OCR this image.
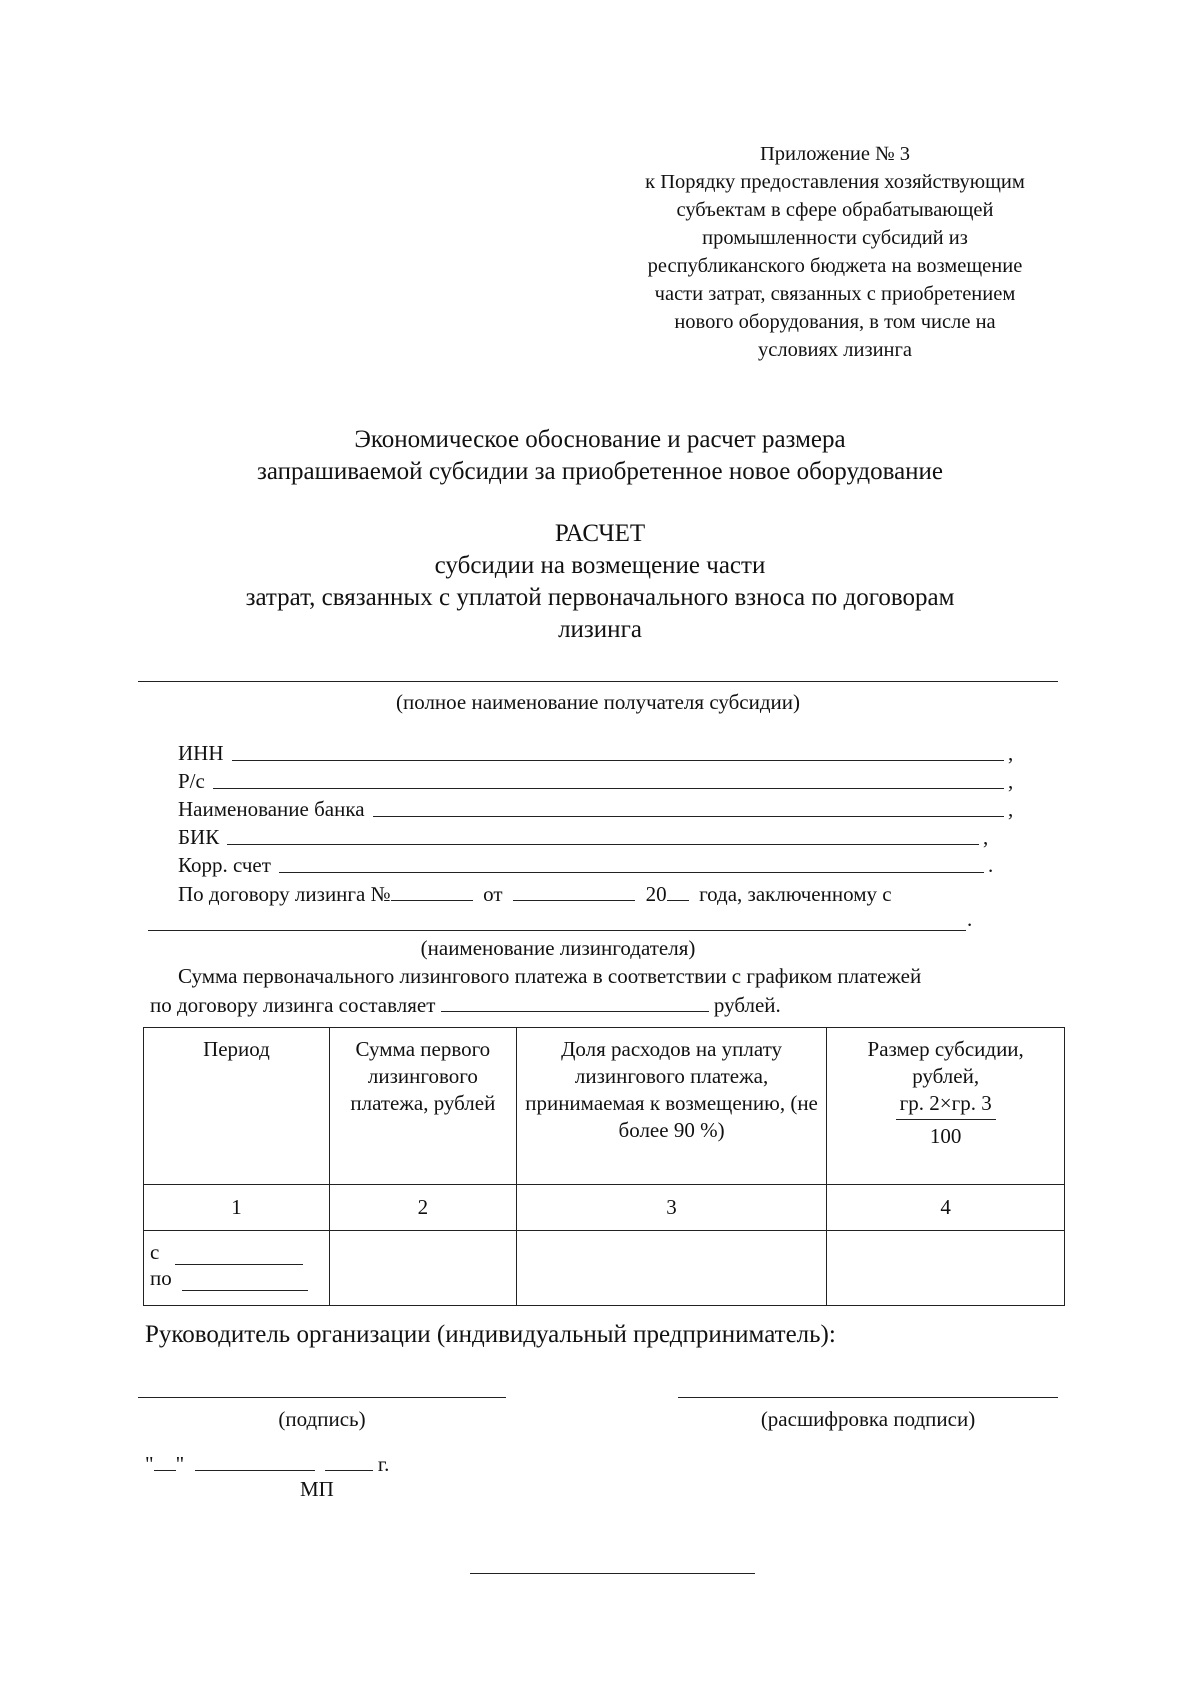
Приложение № 3
к Порядку предоставления хозяйствующим
субъектам в сфере обрабатывающей
промышленности субсидий из
республиканского бюджета на возмещение
части затрат, связанных с приобретением
нового оборудования, в том числе на
условиях лизинга
Экономическое обоснование и расчет размера
запрашиваемой субсидии за приобретенное новое оборудование
РАСЧЕТ
субсидии на возмещение части
затрат, связанных с уплатой первоначального взноса по договорам
лизинга
(полное наименование получателя субсидии)
ИНН	,
Р/с	,
Наименование банка	,
БИК	,
Корр. счет	.
По договору лизинга №	от	20 года, заключенному с
.
(наименование лизингодателя)
Сумма первоначального лизингового платежа в соответствии с графиком платежей
по договору лизинга составляет	рублей.
Период	Сумма первого лизингового платежа, рублей	Доля расходов на уплату лизингового платежа, принимаемая к возмещению, (не более 90 %)	Размер субсидии, рублей,
$\frac{гр. 2\times гр. 3}{100}$

1	2	3	4

с
по			

Руководитель организации (индивидуальный предприниматель):
(подпись)	(расшифровка подписи)
" "	г.
МП
